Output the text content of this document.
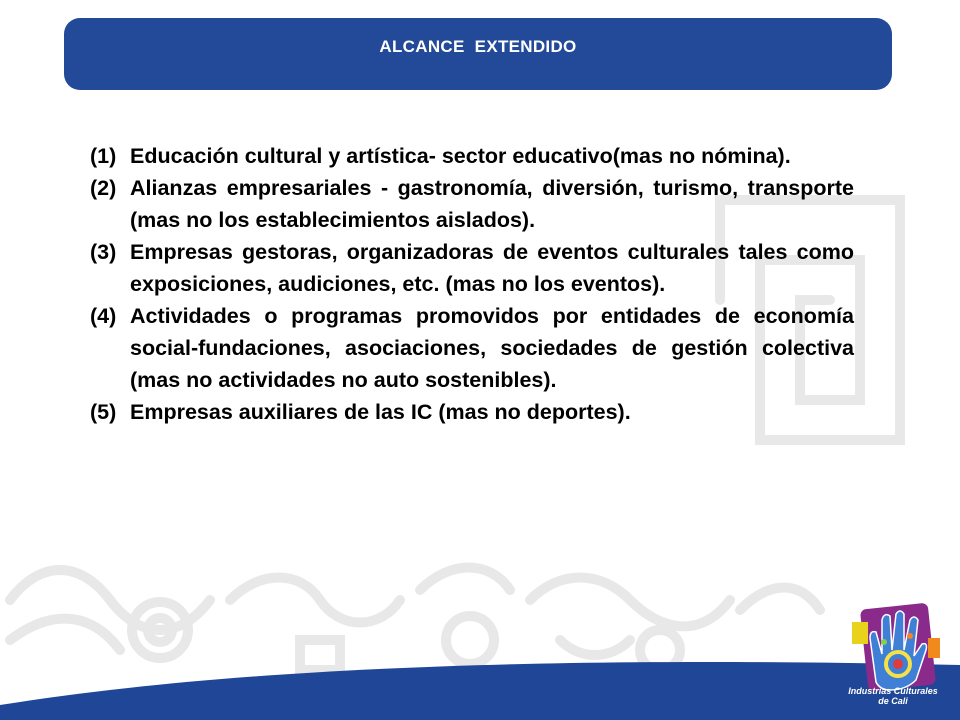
ALCANCE  EXTENDIDO
(1) Educación cultural y artística- sector educativo(mas no nómina).
(2) Alianzas empresariales - gastronomía, diversión, turismo, transporte (mas no los establecimientos aislados).
(3) Empresas gestoras, organizadoras de eventos culturales tales como exposiciones, audiciones, etc. (mas no los eventos).
(4) Actividades o programas promovidos por entidades de economía social-fundaciones, asociaciones, sociedades de gestión colectiva (mas no actividades no auto sostenibles).
(5) Empresas auxiliares de las IC (mas no deportes).
Industrias Culturales
de Cali
